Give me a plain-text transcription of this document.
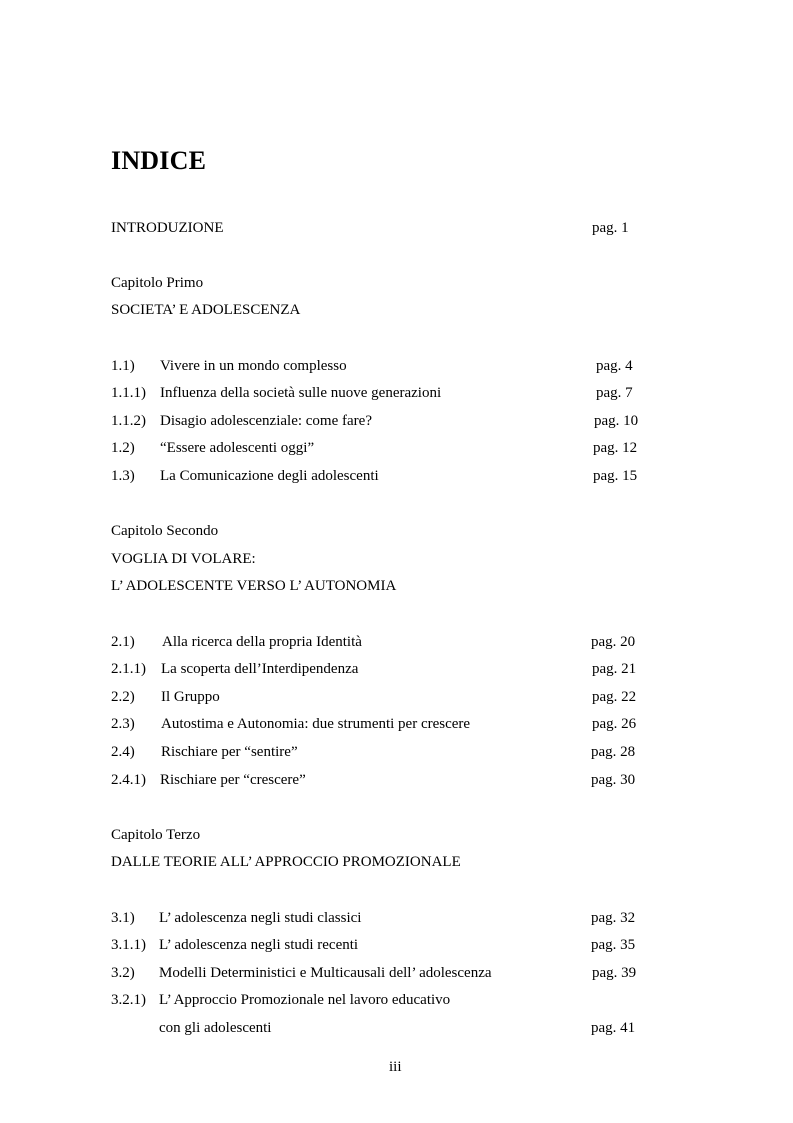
INDICE
INTRODUZIONE	pag. 1
Capitolo Primo
SOCIETA’ E ADOLESCENZA
1.1) Vivere in un mondo complesso	pag. 4
1.1.1) Influenza della società sulle nuove generazioni	pag. 7
1.1.2) Disagio adolescenziale: come fare?	pag. 10
1.2) “Essere adolescenti oggi”	pag. 12
1.3) La Comunicazione degli adolescenti	pag. 15
Capitolo Secondo
VOGLIA DI VOLARE:
L’ ADOLESCENTE VERSO L’ AUTONOMIA
2.1) Alla ricerca della propria Identità	pag. 20
2.1.1) La scoperta dell’Interdipendenza	pag. 21
2.2) Il Gruppo	pag. 22
2.3) Autostima e Autonomia: due strumenti per crescere	pag. 26
2.4) Rischiare per “sentire”	pag. 28
2.4.1) Rischiare per “crescere”	pag. 30
Capitolo Terzo
DALLE TEORIE ALL’ APPROCCIO PROMOZIONALE
3.1) L’ adolescenza negli studi classici	pag. 32
3.1.1) L’ adolescenza negli studi recenti	pag. 35
3.2) Modelli Deterministici e Multicausali dell’ adolescenza	pag. 39
3.2.1) L’ Approccio Promozionale nel lavoro educativo
con gli adolescenti	pag. 41
iii
